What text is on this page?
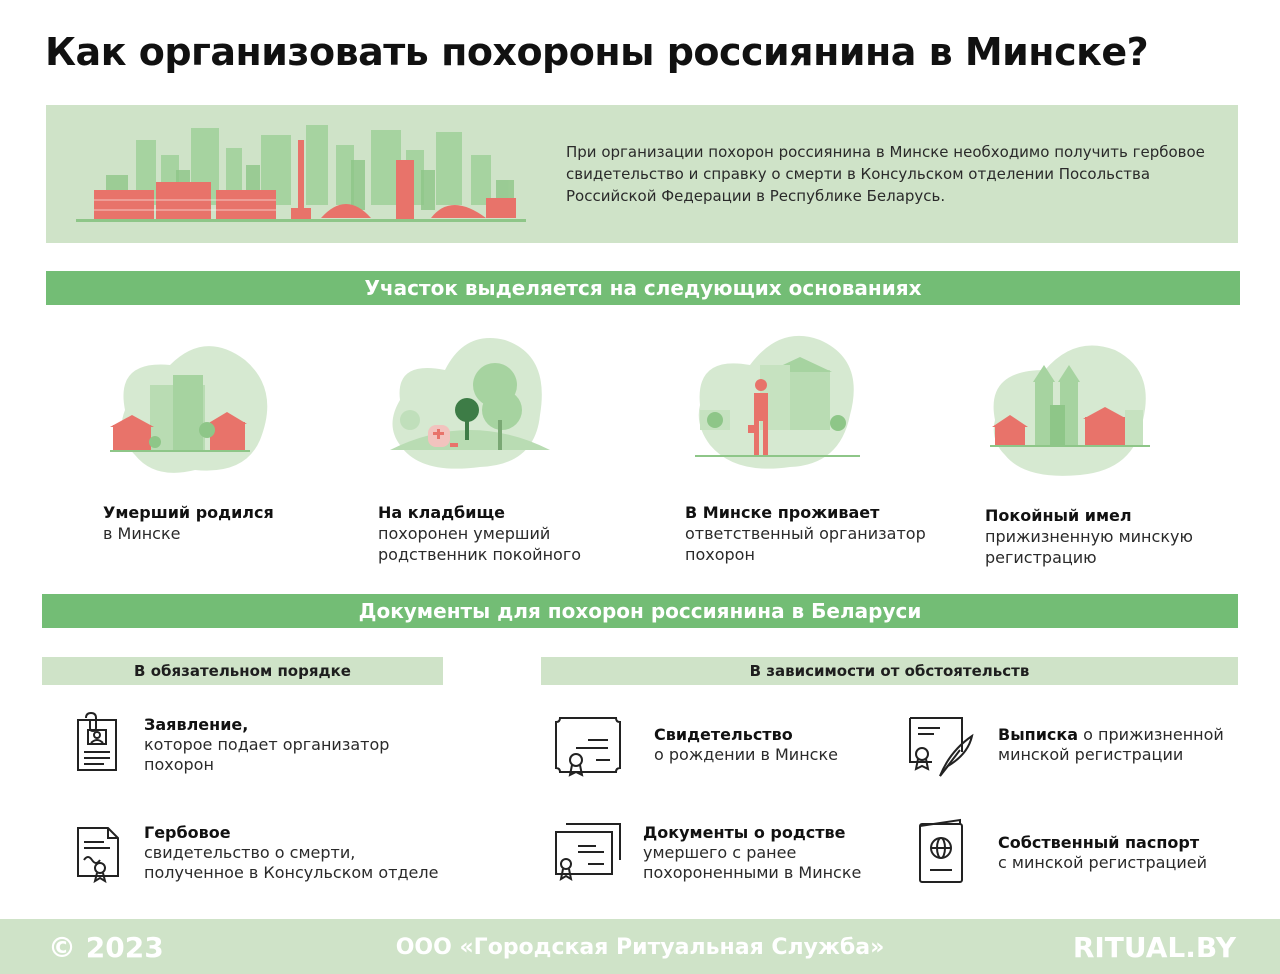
Как организовать похороны россиянина в Минске?

При организации похорон россиянина в Минске необходимо получить гербовое свидетельство и справку о смерти в Консульском отделении Посольства Российской Федерации в Республике Беларусь.

Участок выделяется на следующих основаниях
Умерший родился
в Минске
На кладбище
похоронен умерший родственник покойного
В Минске проживает
ответственный организатор похорон
Покойный имел
прижизненную минскую регистрацию
Документы для похорон россиянина в Беларуси
В обязательном порядке	В зависимости от обстоятельств
Заявление,
которое подает организатор похорон
Гербовое
свидетельство о смерти, полученное в Консульском отделе
Свидетельство
о рождении в Минске
Выписка о прижизненной минской регистрации
Документы о родстве
умершего с ранее похороненными в Минске
Собственный паспорт
с минской регистрацией
ООО «Городская Ритуальная Служба»
© 2023	RITUAL.BY
